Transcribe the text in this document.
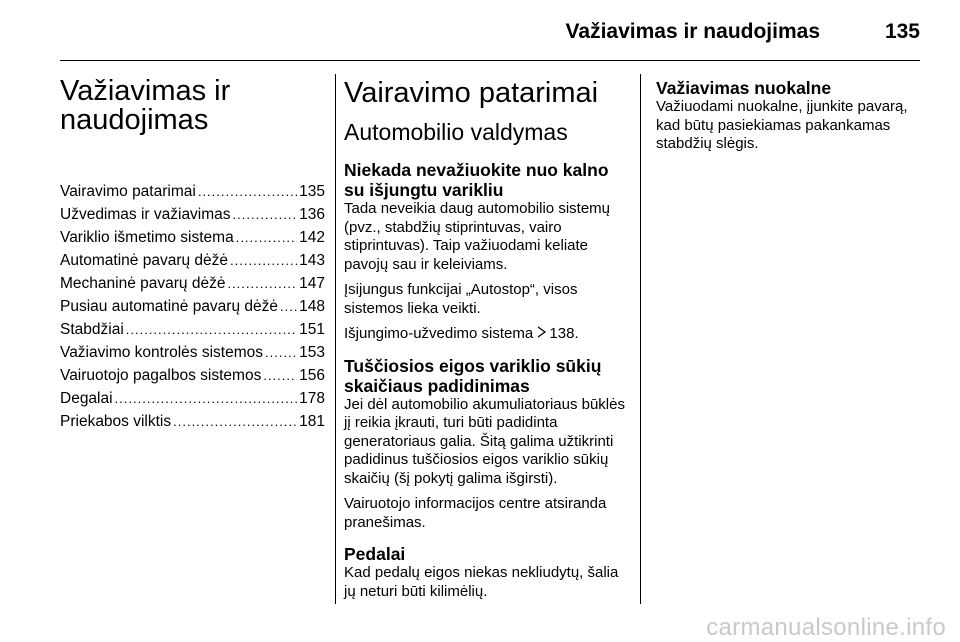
Važiavimas ir naudojimas	135
Važiavimas ir
naudojimas
Vairavimo patarimai .....	135
Užvedimas ir važiavimas .....	136
Variklio išmetimo sistema .....	142
Automatinė pavarų dėžė .....	143
Mechaninė pavarų dėžė .....	147
Pusiau automatinė pavarų dėžė ..... 148
Stabdžiai .....	151
Važiavimo kontrolės sistemos ..... 153
Vairuotojo pagalbos sistemos ..... 156
Degalai .....	178
Priekabos vilktis .....	181
Vairavimo patarimai
Automobilio valdymas
Niekada nevažiuokite nuo kalno su išjungtu varikliu

Tada neveikia daug automobilio sistemų (pvz., stabdžių stiprintuvas, vairo stiprintuvas). Taip važiuodami keliate pavojų sau ir keleiviams.

Įsijungus funkcijai „Autostop“, visos sistemos lieka veikti.

Išjungimo-užvedimo sistema 138.

Tuščiosios eigos variklio sūkių skaičiaus padidinimas

Jei dėl automobilio akumuliatoriaus būklės jį reikia įkrauti, turi būti padidinta generatoriaus galia. Šitą galima užtikrinti padidinus tuščiosios eigos variklio sūkių skaičių (šį pokytį galima išgirsti).

Vairuotojo informacijos centre atsiranda pranešimas.

Pedalai

Kad pedalų eigos niekas nekliudytų, šalia jų neturi būti kilimėlių.

Važiavimas nuokalne

Važiuodami nuokalne, įjunkite pavarą, kad būtų pasiekiamas pakankamas stabdžių slėgis.

carmanualsonline.info
